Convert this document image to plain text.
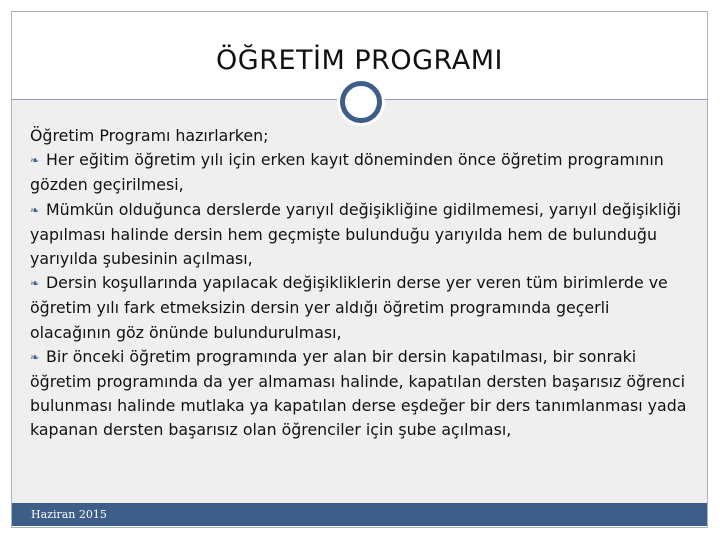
ÖĞRETİM PROGRAMI

Öğretim Programı hazırlarken;

❧ Her eğitim öğretim yılı için erken kayıt döneminden önce öğretim programının gözden geçirilmesi,

❧ Mümkün olduğunca derslerde yarıyıl değişikliğine gidilmemesi, yarıyıl değişikliği yapılması halinde dersin hem geçmişte bulunduğu yarıyılda hem de bulunduğu yarıyılda şubesinin açılması,

❧ Dersin koşullarında yapılacak değişikliklerin derse yer veren tüm birimlerde ve öğretim yılı fark etmeksizin dersin yer aldığı öğretim programında geçerli olacağının göz önünde bulundurulması,

❧ Bir önceki öğretim programında yer alan bir dersin kapatılması, bir sonraki öğretim programında da yer almaması halinde, kapatılan dersten başarısız öğrenci bulunması halinde mutlaka ya kapatılan derse eşdeğer bir ders tanımlanması yada kapanan dersten başarısız olan öğrenciler için şube açılması,

Haziran 2015
